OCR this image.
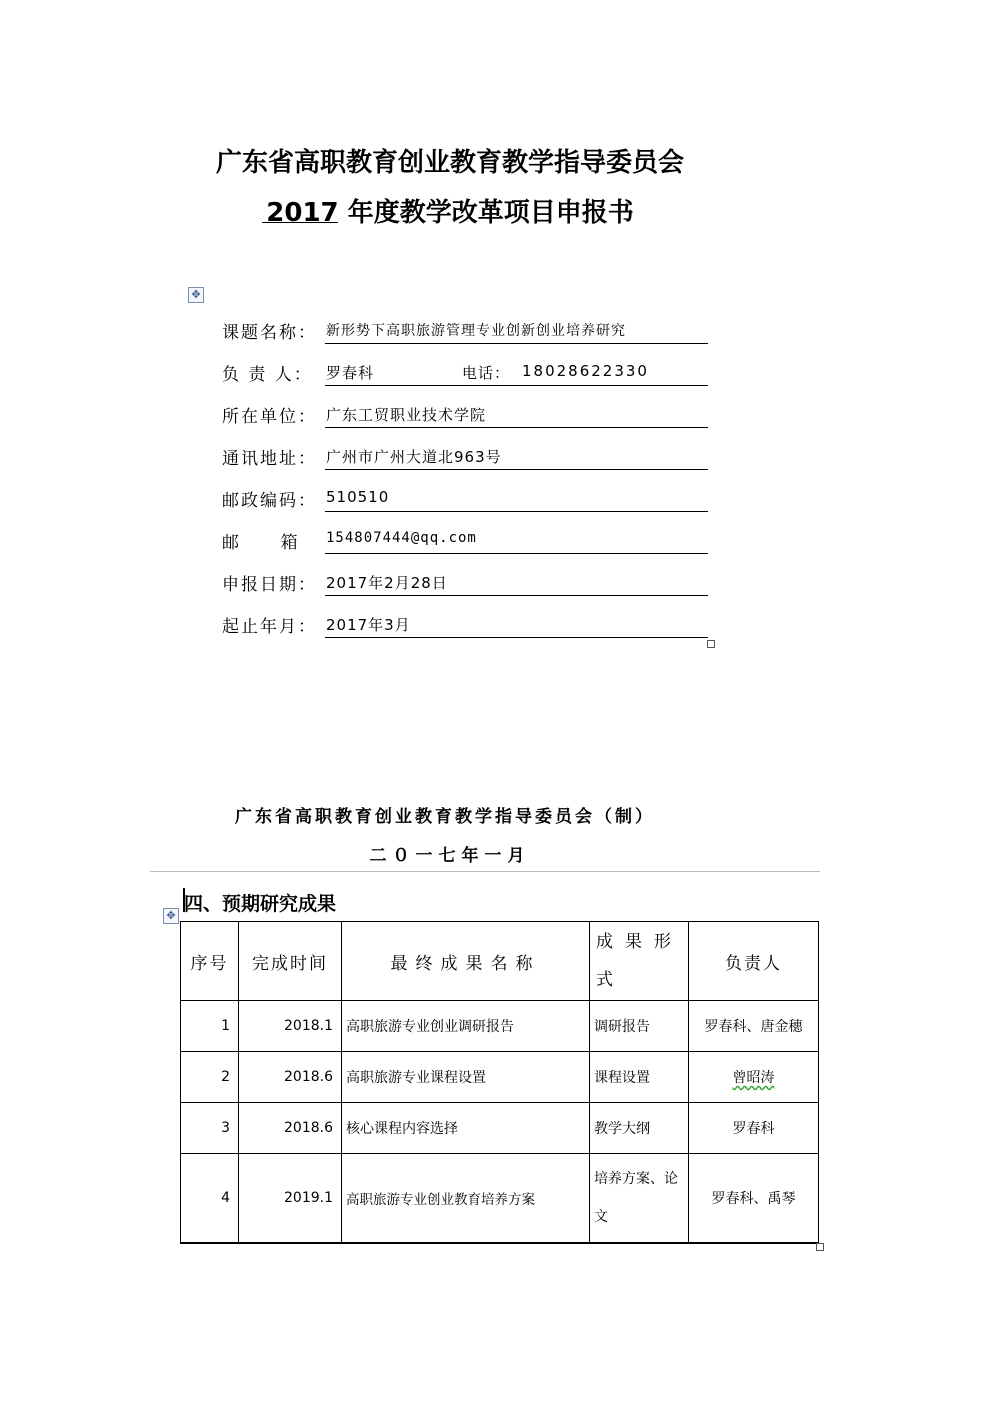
广东省高职教育创业教育教学指导委员会
2017 年度教学改革项目申报书
✥
课题名称： 新形势下高职旅游管理专业创新创业培养研究
负 责 人： 罗春科	电话： 18028622330
所在单位： 广东工贸职业技术学院
通讯地址： 广州市广州大道北963号
邮政编码： 510510
邮    箱 154807444@qq.com
申报日期： 2017年2月28日
起止年月： 2017年3月
广东省高职教育创业教育教学指导委员会（制）
二０一七年一月
四、预期研究成果
✥
序号	完成时间	最终成果名称	成果形式	负责人
1	2018.1	高职旅游专业创业调研报告	调研报告	罗春科、唐金穗
2	2018.6	高职旅游专业课程设置	课程设置	曾昭涛
3	2018.6	核心课程内容选择	教学大纲	罗春科
4	2019.1	高职旅游专业创业教育培养方案	培养方案、论文	罗春科、禹琴
